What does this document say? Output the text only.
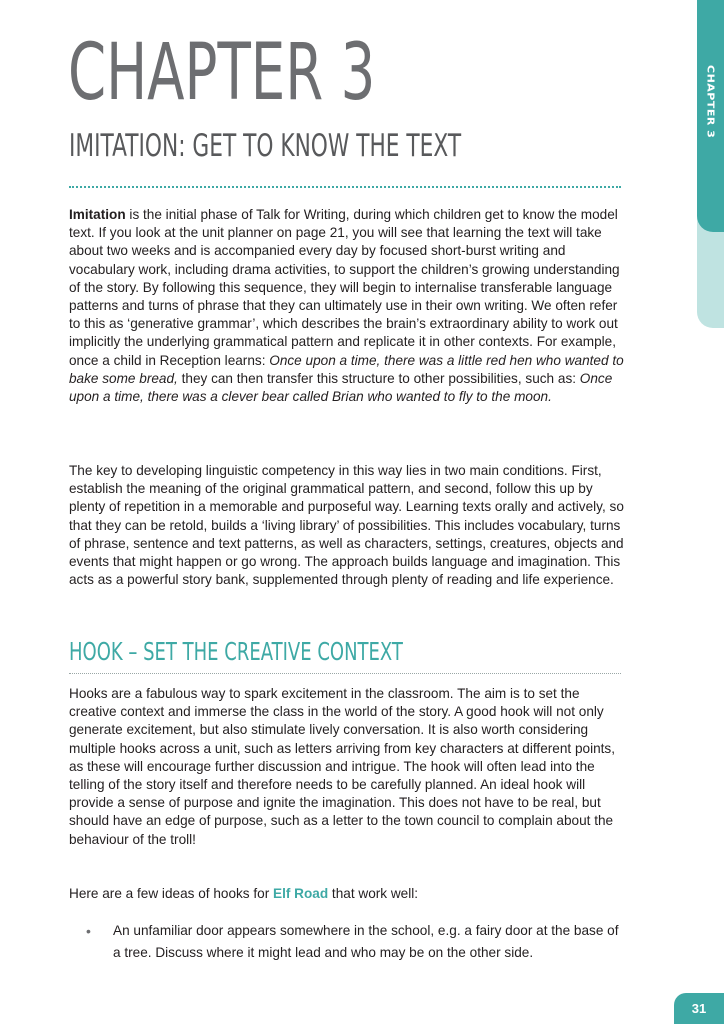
CHAPTER 3
CHAPTER 3
IMITATION: GET TO KNOW THE TEXT

Imitation is the initial phase of Talk for Writing, during which children get to know the model text. If you look at the unit planner on page 21, you will see that learning the text will take about two weeks and is accompanied every day by focused short-burst writing and vocabulary work, including drama activities, to support the children’s growing understanding of the story. By following this sequence, they will begin to internalise transferable language patterns and turns of phrase that they can ultimately use in their own writing. We often refer to this as ‘generative grammar’, which describes the brain’s extraordinary ability to work out implicitly the underlying grammatical pattern and replicate it in other contexts. For example, once a child in Reception learns: Once upon a time, there was a little red hen who wanted to bake some bread, they can then transfer this structure to other possibilities, such as: Once upon a time, there was a clever bear called Brian who wanted to fly to the moon.

The key to developing linguistic competency in this way lies in two main conditions. First, establish the meaning of the original grammatical pattern, and second, follow this up by plenty of repetition in a memorable and purposeful way. Learning texts orally and actively, so that they can be retold, builds a ‘living library’ of possibilities. This includes vocabulary, turns of phrase, sentence and text patterns, as well as characters, settings, creatures, objects and events that might happen or go wrong. The approach builds language and imagination. This acts as a powerful story bank, supplemented through plenty of reading and life experience.

HOOK – SET THE CREATIVE CONTEXT

Hooks are a fabulous way to spark excitement in the classroom. The aim is to set the creative context and immerse the class in the world of the story. A good hook will not only generate excitement, but also stimulate lively conversation. It is also worth considering multiple hooks across a unit, such as letters arriving from key characters at different points, as these will encourage further discussion and intrigue. The hook will often lead into the telling of the story itself and therefore needs to be carefully planned. An ideal hook will provide a sense of purpose and ignite the imagination. This does not have to be real, but should have an edge of purpose, such as a letter to the town council to complain about the behaviour of the troll!

Here are a few ideas of hooks for Elf Road that work well:

• An unfamiliar door appears somewhere in the school, e.g. a fairy door at the base of a tree. Discuss where it might lead and who may be on the other side.

31
